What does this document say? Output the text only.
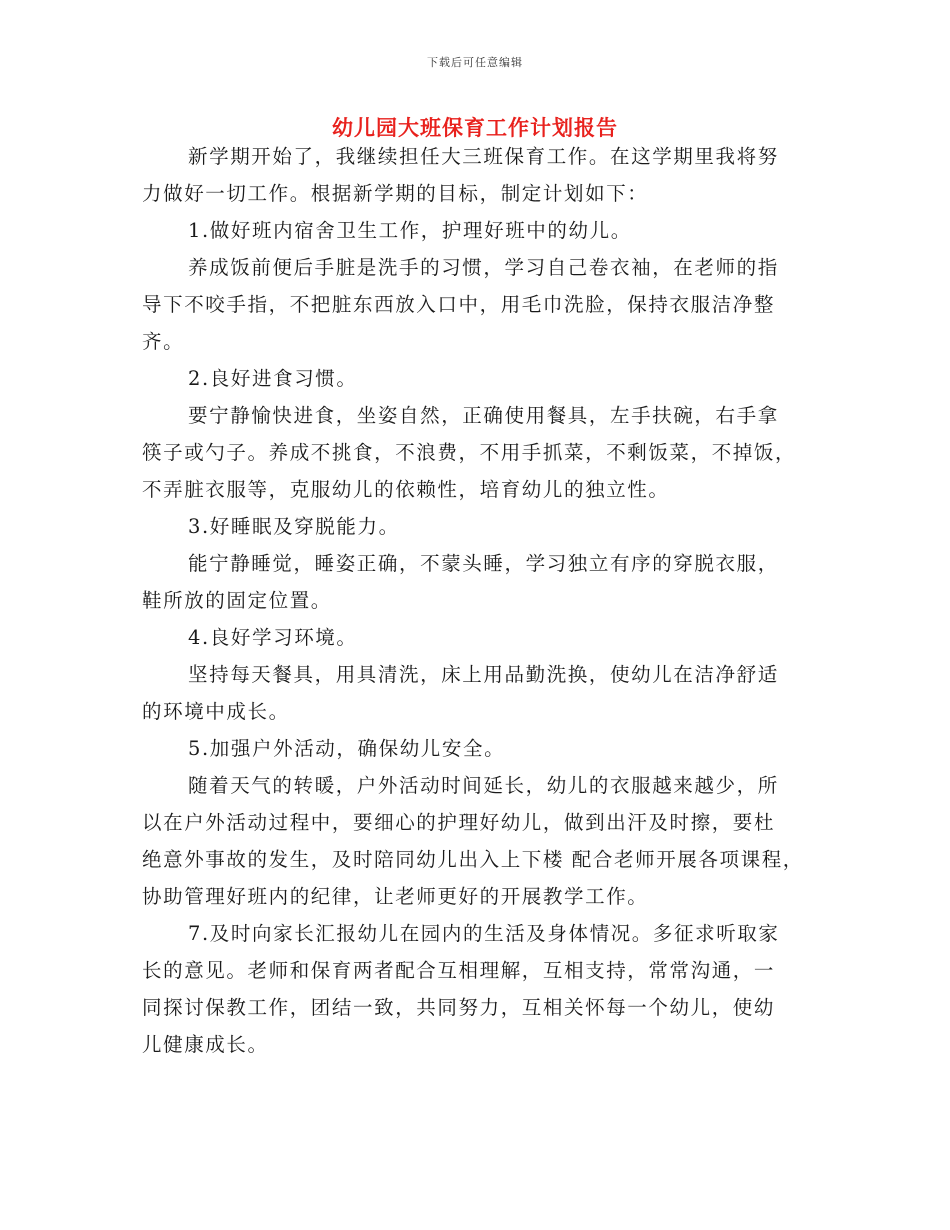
下载后可任意编辑
幼儿园大班保育工作计划报告

新学期开始了，我继续担任大三班保育工作。在这学期里我将努
力做好一切工作。根据新学期的目标，制定计划如下：

1.做好班内宿舍卫生工作，护理好班中的幼儿。

养成饭前便后手脏是洗手的习惯，学习自己卷衣袖，在老师的指
导下不咬手指，不把脏东西放入口中，用毛巾洗脸，保持衣服洁净整
齐。

2.良好进食习惯。

要宁静愉快进食，坐姿自然，正确使用餐具，左手扶碗，右手拿
筷子或勺子。养成不挑食，不浪费，不用手抓菜，不剩饭菜，不掉饭，
不弄脏衣服等，克服幼儿的依赖性，培育幼儿的独立性。

3.好睡眠及穿脱能力。

能宁静睡觉，睡姿正确，不蒙头睡，学习独立有序的穿脱衣服，
鞋所放的固定位置。

4.良好学习环境。

坚持每天餐具，用具清洗，床上用品勤洗换，使幼儿在洁净舒适
的环境中成长。

5.加强户外活动，确保幼儿安全。

随着天气的转暖，户外活动时间延长，幼儿的衣服越来越少，所
以在户外活动过程中，要细心的护理好幼儿，做到出汗及时擦，要杜
绝意外事故的发生，及时陪同幼儿出入上下楼 配合老师开展各项课程，
协助管理好班内的纪律，让老师更好的开展教学工作。

7.及时向家长汇报幼儿在园内的生活及身体情况。多征求听取家
长的意见。老师和保育两者配合互相理解，互相支持，常常沟通，一
同探讨保教工作，团结一致，共同努力，互相关怀每一个幼儿，使幼
儿健康成长。
